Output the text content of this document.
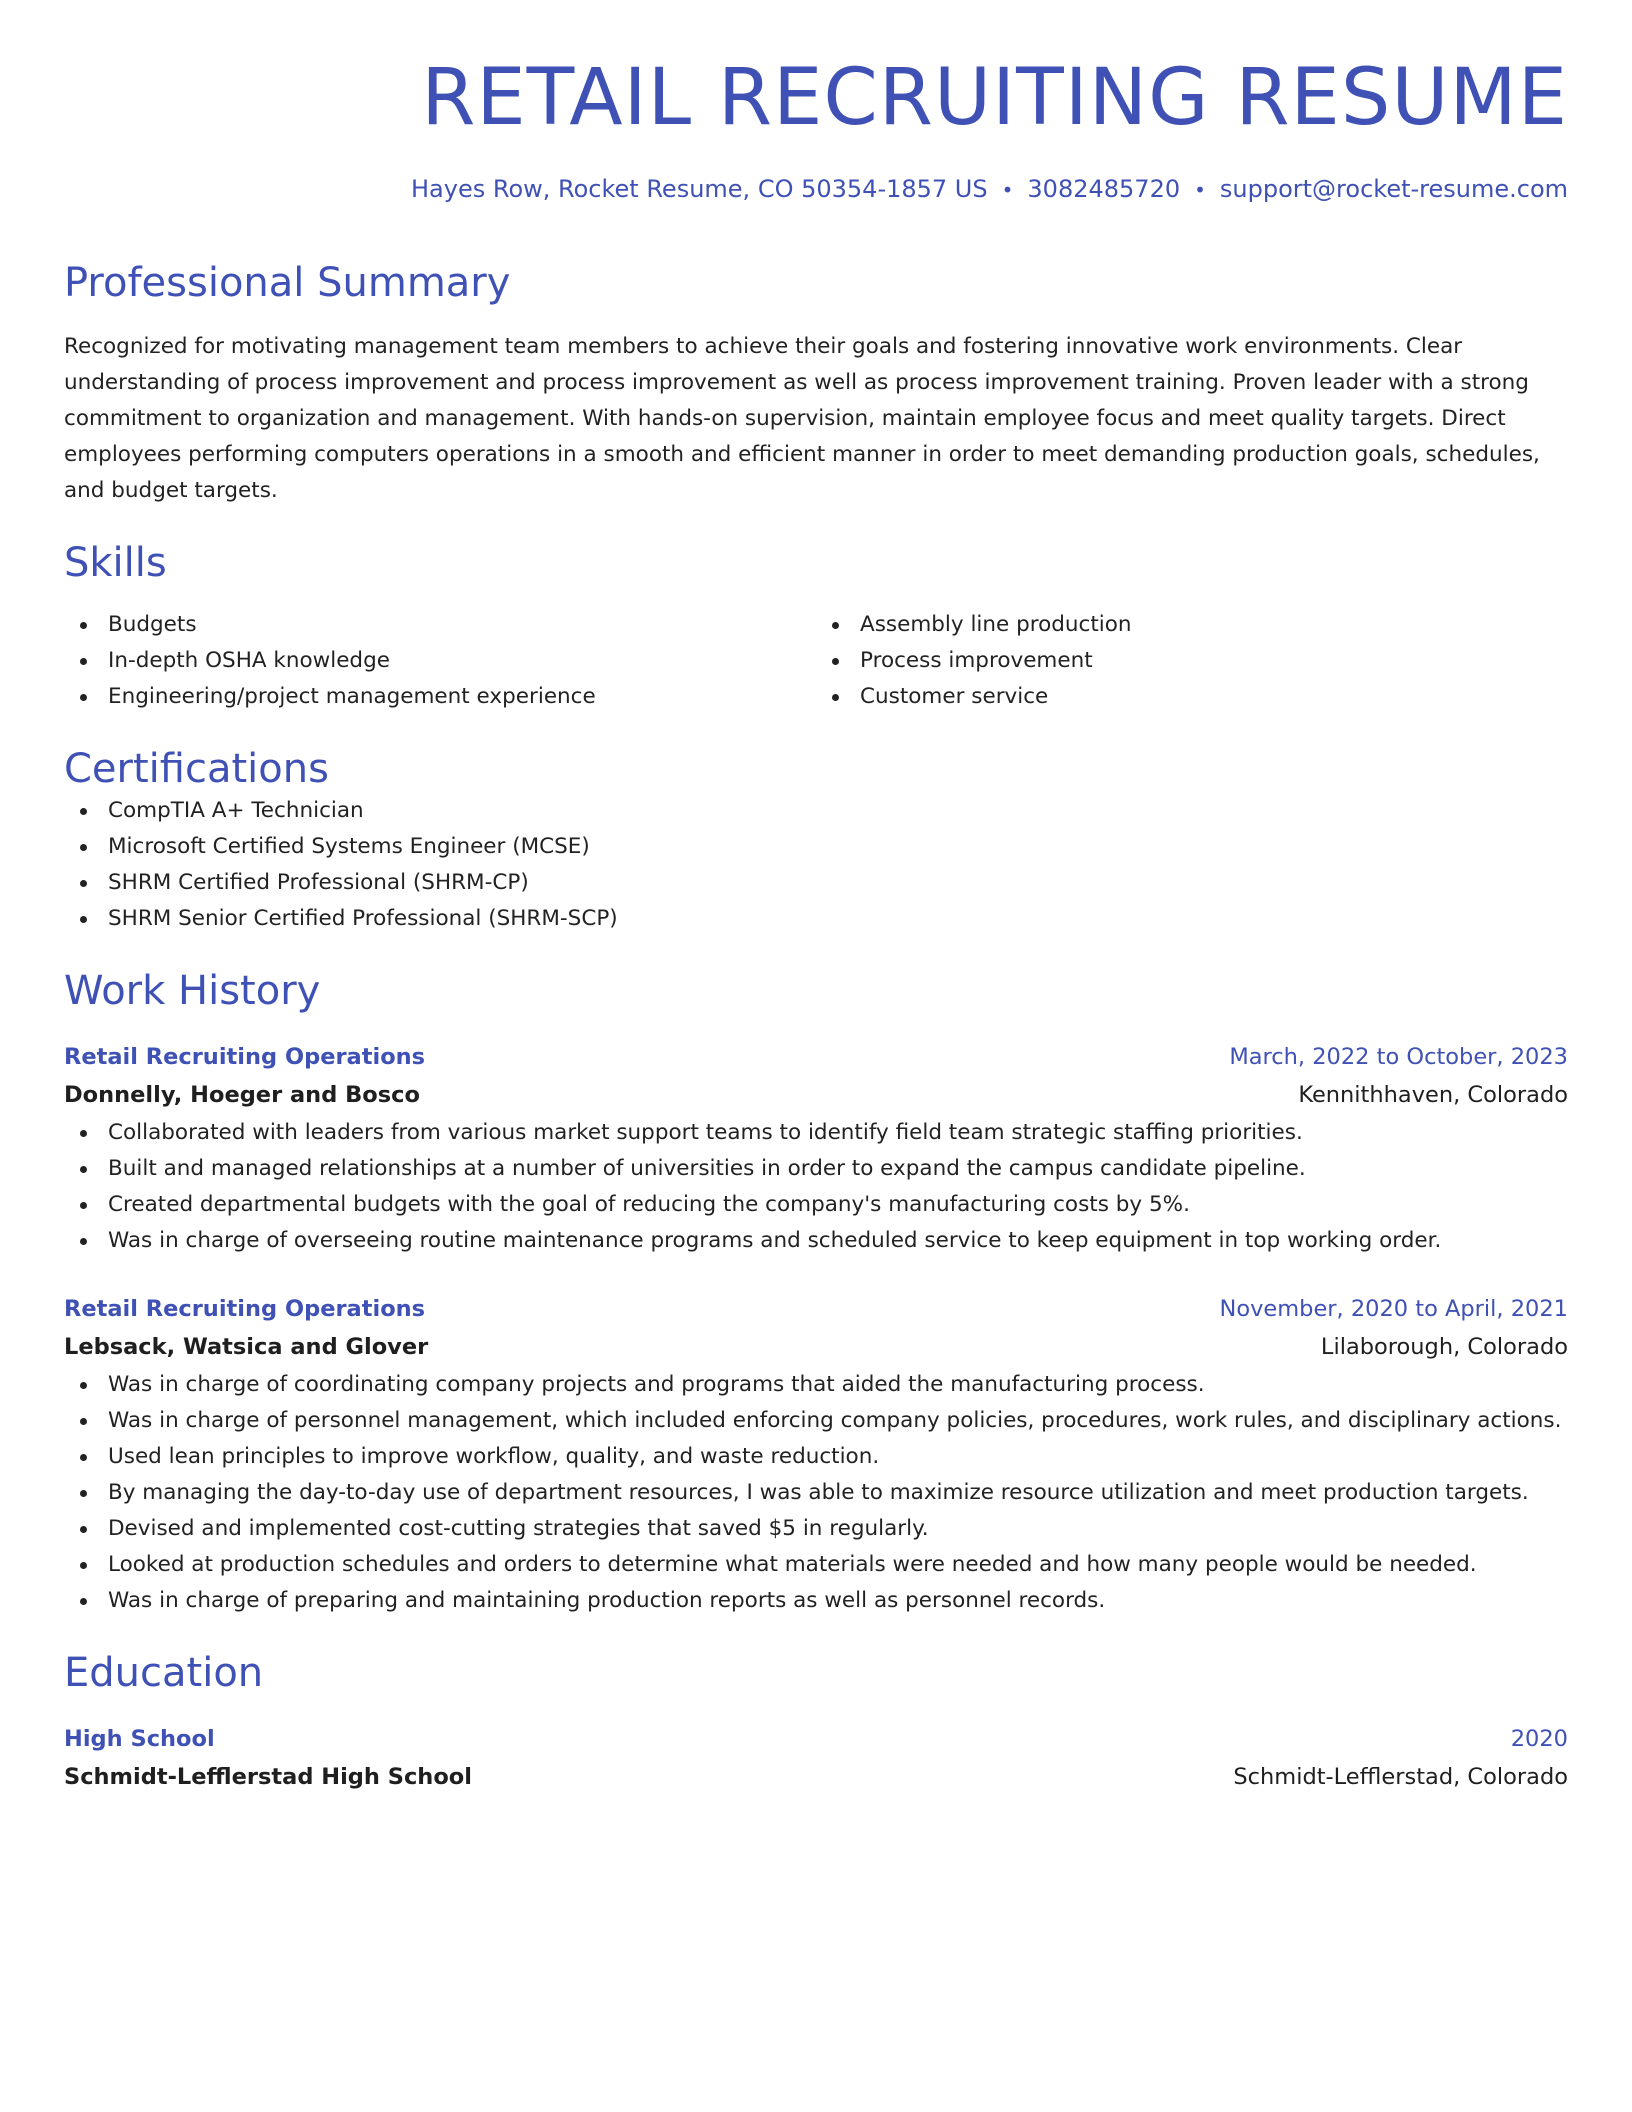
RETAIL RECRUITING RESUME
Hayes Row, Rocket Resume, CO 50354-1857 US • 3082485720 • support@rocket-resume.com
Professional Summary

Recognized for motivating management team members to achieve their goals and fostering innovative work environments. Clear understanding of process improvement and process improvement as well as process improvement training. Proven leader with a strong commitment to organization and management. With hands-on supervision, maintain employee focus and meet quality targets. Direct employees performing computers operations in a smooth and efficient manner in order to meet demanding production goals, schedules, and budget targets.

Skills
Budgets
In-depth OSHA knowledge
Engineering/project management experience
Assembly line production
Process improvement
Customer service
Certifications
CompTIA A+ Technician
Microsoft Certified Systems Engineer (MCSE)
SHRM Certified Professional (SHRM-CP)
SHRM Senior Certified Professional (SHRM-SCP)
Work History
Retail Recruiting Operations	March, 2022 to October, 2023
Donnelly, Hoeger and Bosco	Kennithhaven, Colorado
Collaborated with leaders from various market support teams to identify field team strategic staffing priorities.
Built and managed relationships at a number of universities in order to expand the campus candidate pipeline.
Created departmental budgets with the goal of reducing the company's manufacturing costs by 5%.
Was in charge of overseeing routine maintenance programs and scheduled service to keep equipment in top working order.
Retail Recruiting Operations	November, 2020 to April, 2021
Lebsack, Watsica and Glover	Lilaborough, Colorado
Was in charge of coordinating company projects and programs that aided the manufacturing process.
Was in charge of personnel management, which included enforcing company policies, procedures, work rules, and disciplinary actions.
Used lean principles to improve workflow, quality, and waste reduction.
By managing the day-to-day use of department resources, I was able to maximize resource utilization and meet production targets.
Devised and implemented cost-cutting strategies that saved $5 in regularly.
Looked at production schedules and orders to determine what materials were needed and how many people would be needed.
Was in charge of preparing and maintaining production reports as well as personnel records.
Education
High School	2020
Schmidt-Lefflerstad High School	Schmidt-Lefflerstad, Colorado
